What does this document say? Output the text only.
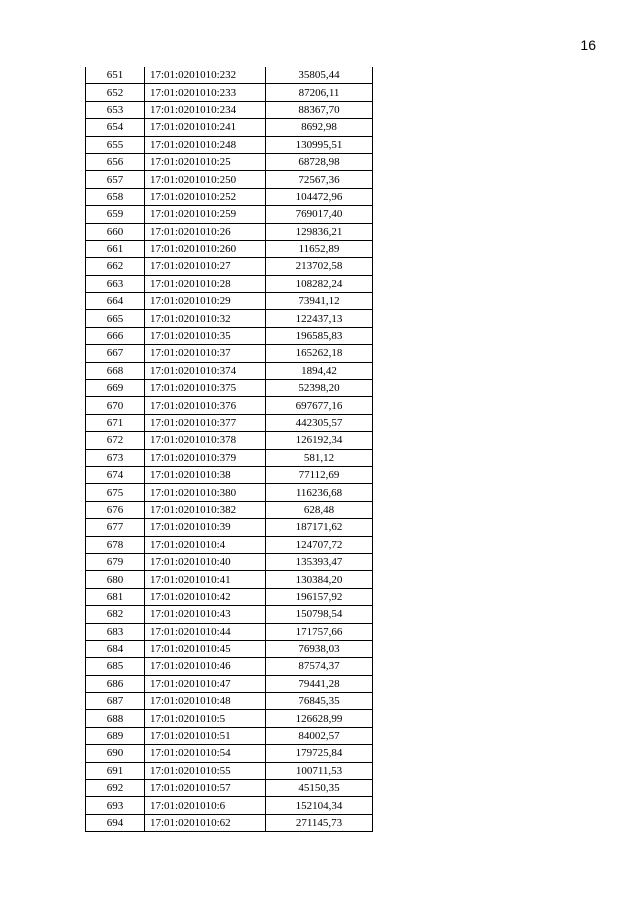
16
651	17:01:0201010:232	35805,44
652	17:01:0201010:233	87206,11
653	17:01:0201010:234	88367,70
654	17:01:0201010:241	8692,98
655	17:01:0201010:248	130995,51
656	17:01:0201010:25	68728,98
657	17:01:0201010:250	72567,36
658	17:01:0201010:252	104472,96
659	17:01:0201010:259	769017,40
660	17:01:0201010:26	129836,21
661	17:01:0201010:260	11652,89
662	17:01:0201010:27	213702,58
663	17:01:0201010:28	108282,24
664	17:01:0201010:29	73941,12
665	17:01:0201010:32	122437,13
666	17:01:0201010:35	196585,83
667	17:01:0201010:37	165262,18
668	17:01:0201010:374	1894,42
669	17:01:0201010:375	52398,20
670	17:01:0201010:376	697677,16
671	17:01:0201010:377	442305,57
672	17:01:0201010:378	126192,34
673	17:01:0201010:379	581,12
674	17:01:0201010:38	77112,69
675	17:01:0201010:380	116236,68
676	17:01:0201010:382	628,48
677	17:01:0201010:39	187171,62
678	17:01:0201010:4	124707,72
679	17:01:0201010:40	135393,47
680	17:01:0201010:41	130384,20
681	17:01:0201010:42	196157,92
682	17:01:0201010:43	150798,54
683	17:01:0201010:44	171757,66
684	17:01:0201010:45	76938,03
685	17:01:0201010:46	87574,37
686	17:01:0201010:47	79441,28
687	17:01:0201010:48	76845,35
688	17:01:0201010:5	126628,99
689	17:01:0201010:51	84002,57
690	17:01:0201010:54	179725,84
691	17:01:0201010:55	100711,53
692	17:01:0201010:57	45150,35
693	17:01:0201010:6	152104,34
694	17:01:0201010:62	271145,73
